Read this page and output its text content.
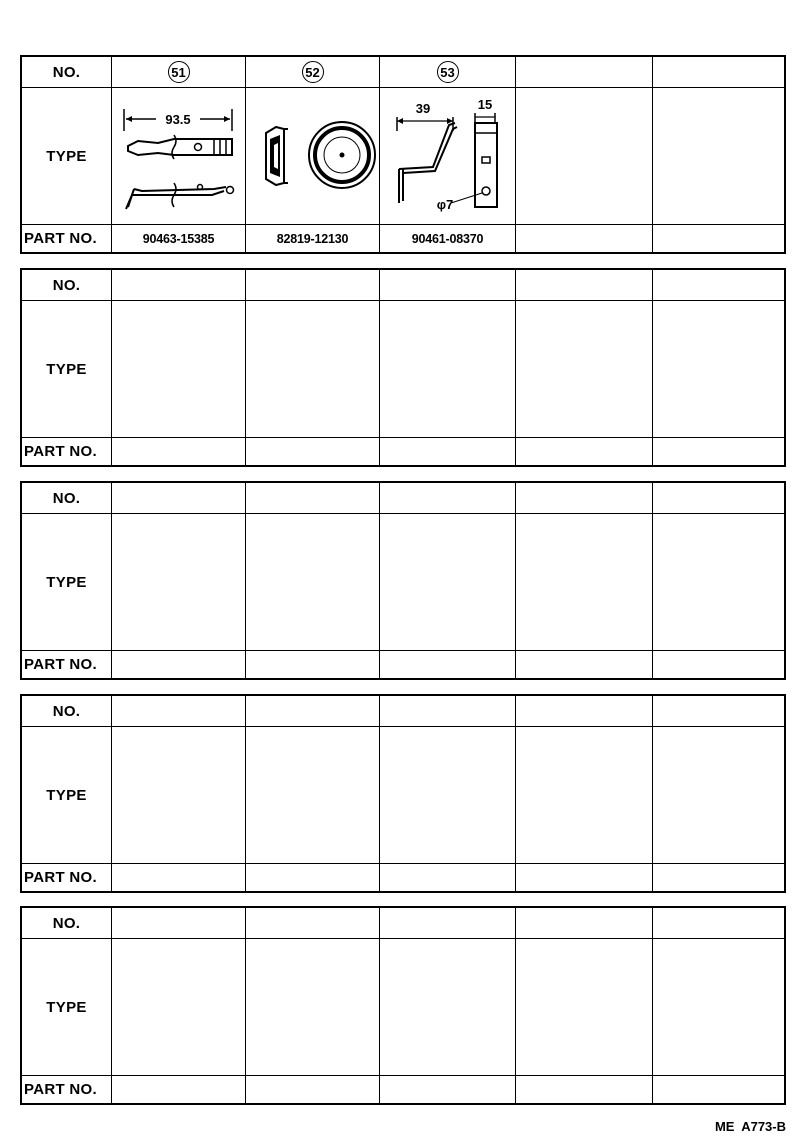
NO.	51	52	53
TYPE
93.5
39	15
φ7
PART NO.	90463-15385	82819-12130	90461-08370
NO.
TYPE
PART NO.
NO.
TYPE
PART NO.
NO.
TYPE
PART NO.
NO.
TYPE
PART NO.
ME  A773-B
